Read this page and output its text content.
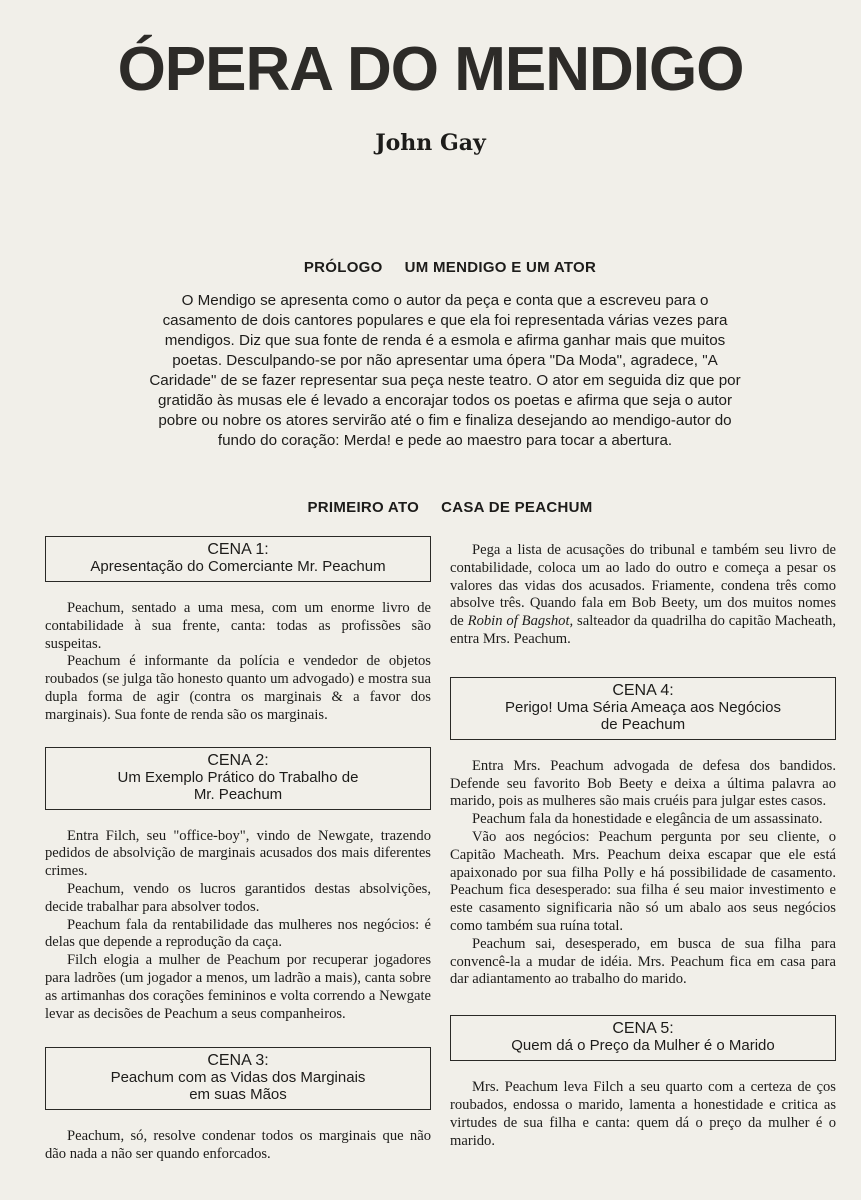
ÓPERA DO MENDIGO
John Gay
PRÓLOGO UM MENDIGO E UM ATOR

O Mendigo se apresenta como o autor da peça e conta que a escreveu para o casamento de dois cantores populares e que ela foi representada várias vezes para mendigos. Diz que sua fonte de renda é a esmola e afirma ganhar mais que muitos poetas. Desculpando-se por não apresentar uma ópera "Da Moda", agradece, "A Caridade" de se fazer representar sua peça neste teatro. O ator em seguida diz que por gratidão às musas ele é levado a encorajar todos os poetas e afirma que seja o autor pobre ou nobre os atores servirão até o fim e finaliza desejando ao mendigo-autor do fundo do coração: Merda! e pede ao maestro para tocar a abertura.

PRIMEIRO ATO CASA DE PEACHUM
CENA 1:
Apresentação do Comerciante Mr. Peachum

Peachum, sentado a uma mesa, com um enorme livro de contabilidade à sua frente, canta: todas as profissões são suspeitas.

Peachum é informante da polícia e vendedor de objetos roubados (se julga tão honesto quanto um advogado) e mostra sua dupla forma de agir (contra os marginais & a favor dos marginais). Sua fonte de renda são os marginais.

CENA 2:
Um Exemplo Prático do Trabalho de
Mr. Peachum

Entra Filch, seu "office-boy", vindo de Newgate, trazendo pedidos de absolvição de marginais acusados dos mais diferentes crimes.

Peachum, vendo os lucros garantidos destas absolvições, decide trabalhar para absolver todos.

Peachum fala da rentabilidade das mulheres nos negócios: é delas que depende a reprodução da caça.

Filch elogia a mulher de Peachum por recuperar jogadores para ladrões (um jogador a menos, um ladrão a mais), canta sobre as artimanhas dos corações femininos e volta correndo a Newgate levar as decisões de Peachum a seus companheiros.

CENA 3:
Peachum com as Vidas dos Marginais
em suas Mãos

Peachum, só, resolve condenar todos os marginais que não dão nada a não ser quando enforcados.

Pega a lista de acusações do tribunal e também seu livro de contabilidade, coloca um ao lado do outro e começa a pesar os valores das vidas dos acusados. Friamente, condena três como absolve três. Quando fala em Bob Beety, um dos muitos nomes de Robin of Bagshot, salteador da quadrilha do capitão Macheath, entra Mrs. Peachum.

CENA 4:
Perigo! Uma Séria Ameaça aos Negócios
de Peachum

Entra Mrs. Peachum advogada de defesa dos bandidos. Defende seu favorito Bob Beety e deixa a última palavra ao marido, pois as mulheres são mais cruéis para julgar estes casos.

Peachum fala da honestidade e elegância de um assassinato.

Vão aos negócios: Peachum pergunta por seu cliente, o Capitão Macheath. Mrs. Peachum deixa escapar que ele está apaixonado por sua filha Polly e há possibilidade de casamento. Peachum fica desesperado: sua filha é seu maior investimento e este casamento significaria não só um abalo aos seus negócios como também sua ruína total.

Peachum sai, desesperado, em busca de sua filha para convencê-la a mudar de idéia. Mrs. Peachum fica em casa para dar adiantamento ao trabalho do marido.

CENA 5:
Quem dá o Preço da Mulher é o Marido

Mrs. Peachum leva Filch a seu quarto com a certeza de ços roubados, endossa o marido, lamenta a honestidade e critica as virtudes de sua filha e canta: quem dá o preço da mulher é o marido.
